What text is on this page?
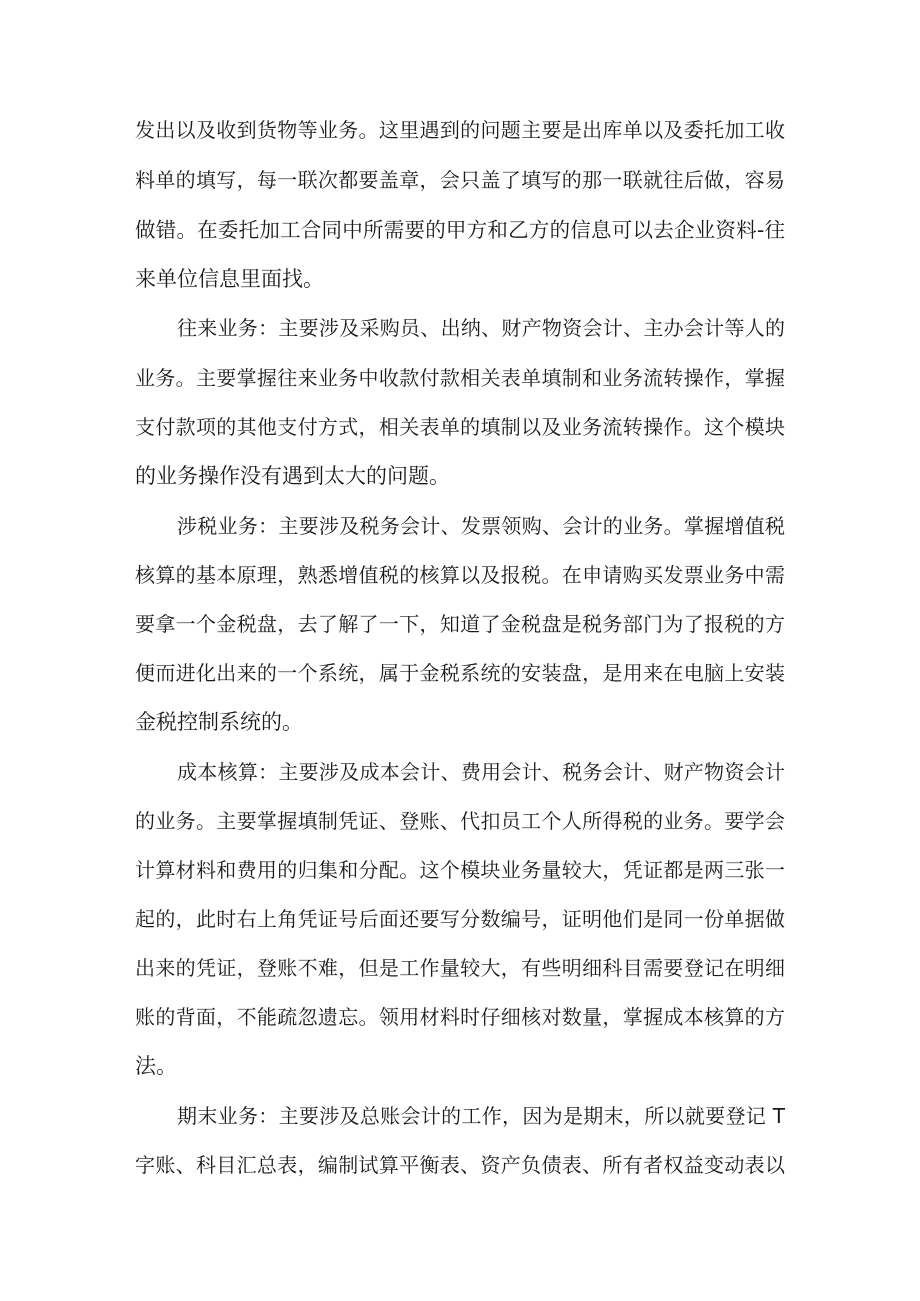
发出以及收到货物等业务。这里遇到的问题主要是出库单以及委托加工收
料单的填写，每一联次都要盖章，会只盖了填写的那一联就往后做，容易
做错。在委托加工合同中所需要的甲方和乙方的信息可以去企业资料-往
来单位信息里面找。
往来业务：主要涉及采购员、出纳、财产物资会计、主办会计等人的
业务。主要掌握往来业务中收款付款相关表单填制和业务流转操作，掌握
支付款项的其他支付方式，相关表单的填制以及业务流转操作。这个模块
的业务操作没有遇到太大的问题。
涉税业务：主要涉及税务会计、发票领购、会计的业务。掌握增值税
核算的基本原理，熟悉增值税的核算以及报税。在申请购买发票业务中需
要拿一个金税盘，去了解了一下，知道了金税盘是税务部门为了报税的方
便而进化出来的一个系统，属于金税系统的安装盘，是用来在电脑上安装
金税控制系统的。
成本核算：主要涉及成本会计、费用会计、税务会计、财产物资会计
的业务。主要掌握填制凭证、登账、代扣员工个人所得税的业务。要学会
计算材料和费用的归集和分配。这个模块业务量较大，凭证都是两三张一
起的，此时右上角凭证号后面还要写分数编号，证明他们是同一份单据做
出来的凭证，登账不难，但是工作量较大，有些明细科目需要登记在明细
账的背面，不能疏忽遗忘。领用材料时仔细核对数量，掌握成本核算的方
法。
期末业务：主要涉及总账会计的工作，因为是期末，所以就要登记 T
字账、科目汇总表，编制试算平衡表、资产负债表、所有者权益变动表以
